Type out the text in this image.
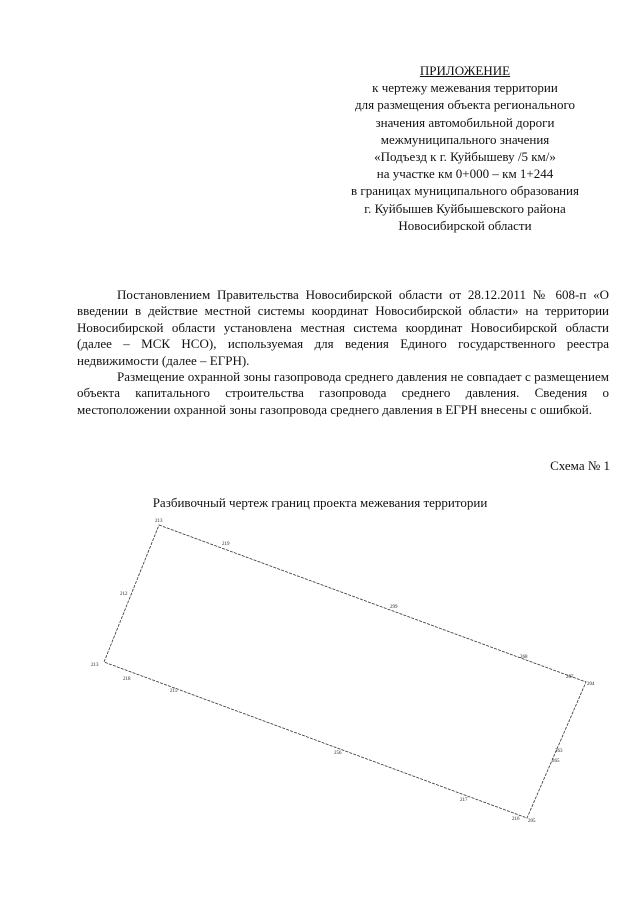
ПРИЛОЖЕНИЕ
к чертежу межевания территории
для размещения объекта регионального
значения автомобильной дороги
межмуниципального значения
«Подъезд к г. Куйбышеву /5 км/»
на участке км 0+000 – км 1+244
в границах муниципального образования
г. Куйбышев Куйбышевского района
Новосибирской области

Постановлением Правительства Новосибирской области от 28.12.2011 № 608-п «О введении в действие местной системы координат Новосибирской области» на территории Новосибирской области установлена местная система координат Новосибирской области (далее – МСК НСО), используемая для ведения Единого государственного реестра недвижимости (далее – ЕГРН).

Размещение охранной зоны газопровода среднего давления не совпадает с размещением объекта капитального строительства газопровода среднего давления. Сведения о местоположении охранной зоны газопровода среднего давления в ЕГРН внесены с ошибкой.

Схема № 1
Разбивочный чертеж границ проекта межевания территории
213
219
212
213
218
215
299
256
268
207
204
263
265
217
216 205
